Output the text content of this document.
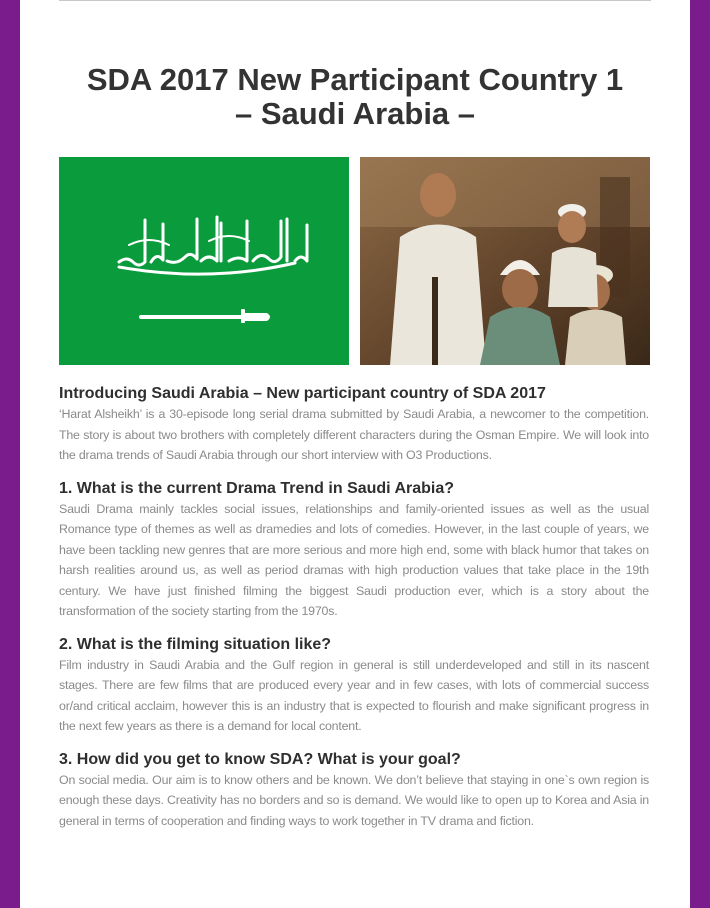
SDA 2017 New Participant Country 1
– Saudi Arabia –
Introducing Saudi Arabia – New participant country of SDA 2017

‘Harat Alsheikh’ is a 30-episode long serial drama submitted by Saudi Arabia, a newcomer to the competition. The story is about two brothers with completely different characters during the Osman Empire. We will look into the drama trends of Saudi Arabia through our short interview with O3 Productions.

1. What is the current Drama Trend in Saudi Arabia?

Saudi Drama mainly tackles social issues, relationships and family-oriented issues as well as the usual Romance type of themes as well as dramedies and lots of comedies. However, in the last couple of years, we have been tackling new genres that are more serious and more high end, some with black humor that takes on harsh realities around us, as well as period dramas with high production values that take place in the 19th century. We have just finished filming the biggest Saudi production ever, which is a story about the transformation of the society starting from the 1970s.

2. What is the filming situation like?

Film industry in Saudi Arabia and the Gulf region in general is still underdeveloped and still in its nascent stages. There are few films that are produced every year and in few cases, with lots of commercial success or/and critical acclaim, however this is an industry that is expected to flourish and make significant progress in the next few years as there is a demand for local content.

3. How did you get to know SDA? What is your goal?

On social media. Our aim is to know others and be known. We don’t believe that staying in one`s own region is enough these days. Creativity has no borders and so is demand. We would like to open up to Korea and Asia in general in terms of cooperation and finding ways to work together in TV drama and fiction.
